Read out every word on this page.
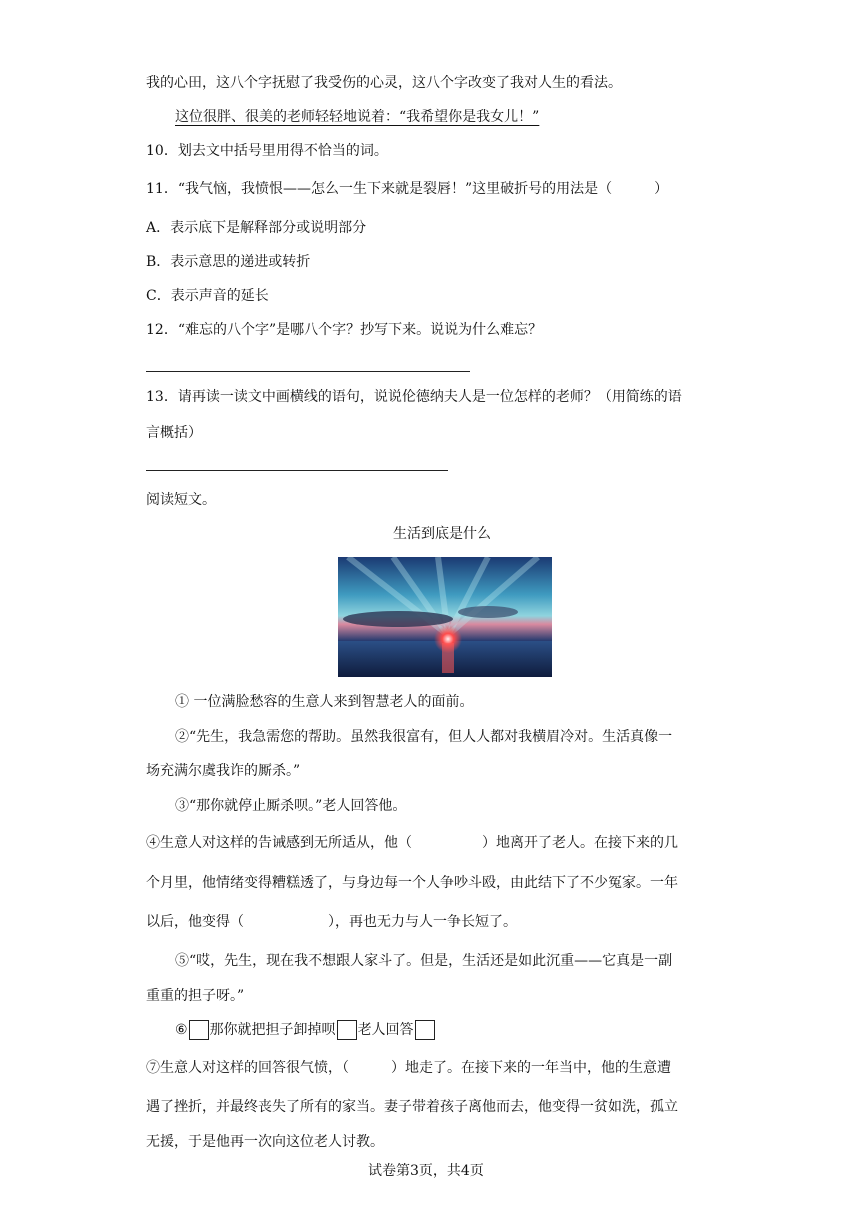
我的心田，这八个字抚慰了我受伤的心灵，这八个字改变了我对人生的看法。
这位很胖、很美的老师轻轻地说着：“我希望你是我女儿！”
10．划去文中括号里用得不恰当的词。
11．“我气恼，我愤恨——怎么一生下来就是裂唇！”这里破折号的用法是（　　　）
A．表示底下是解释部分或说明部分
B．表示意思的递进或转折
C．表示声音的延长
12．“难忘的八个字”是哪八个字？抄写下来。说说为什么难忘？
13．请再读一读文中画横线的语句，说说伦德纳夫人是一位怎样的老师？（用简练的语
言概括）
阅读短文。
生活到底是什么
① 一位满脸愁容的生意人来到智慧老人的面前。
②“先生，我急需您的帮助。虽然我很富有，但人人都对我横眉冷对。生活真像一
场充满尔虞我诈的厮杀。”
③“那你就停止厮杀呗。”老人回答他。
④生意人对这样的告诫感到无所适从，他（　　　　　）地离开了老人。在接下来的几
个月里，他情绪变得糟糕透了，与身边每一个人争吵斗殴，由此结下了不少冤家。一年
以后，他变得（　　　　　　），再也无力与人一争长短了。
⑤“哎，先生，现在我不想跟人家斗了。但是，生活还是如此沉重——它真是一副
重重的担子呀。”
⑥ 那你就把担子卸掉呗 老人回答
⑦生意人对这样的回答很气愤，（　　　）地走了。在接下来的一年当中，他的生意遭
遇了挫折，并最终丧失了所有的家当。妻子带着孩子离他而去，他变得一贫如洗，孤立
无援，于是他再一次向这位老人讨教。
试卷第3页，共4页
